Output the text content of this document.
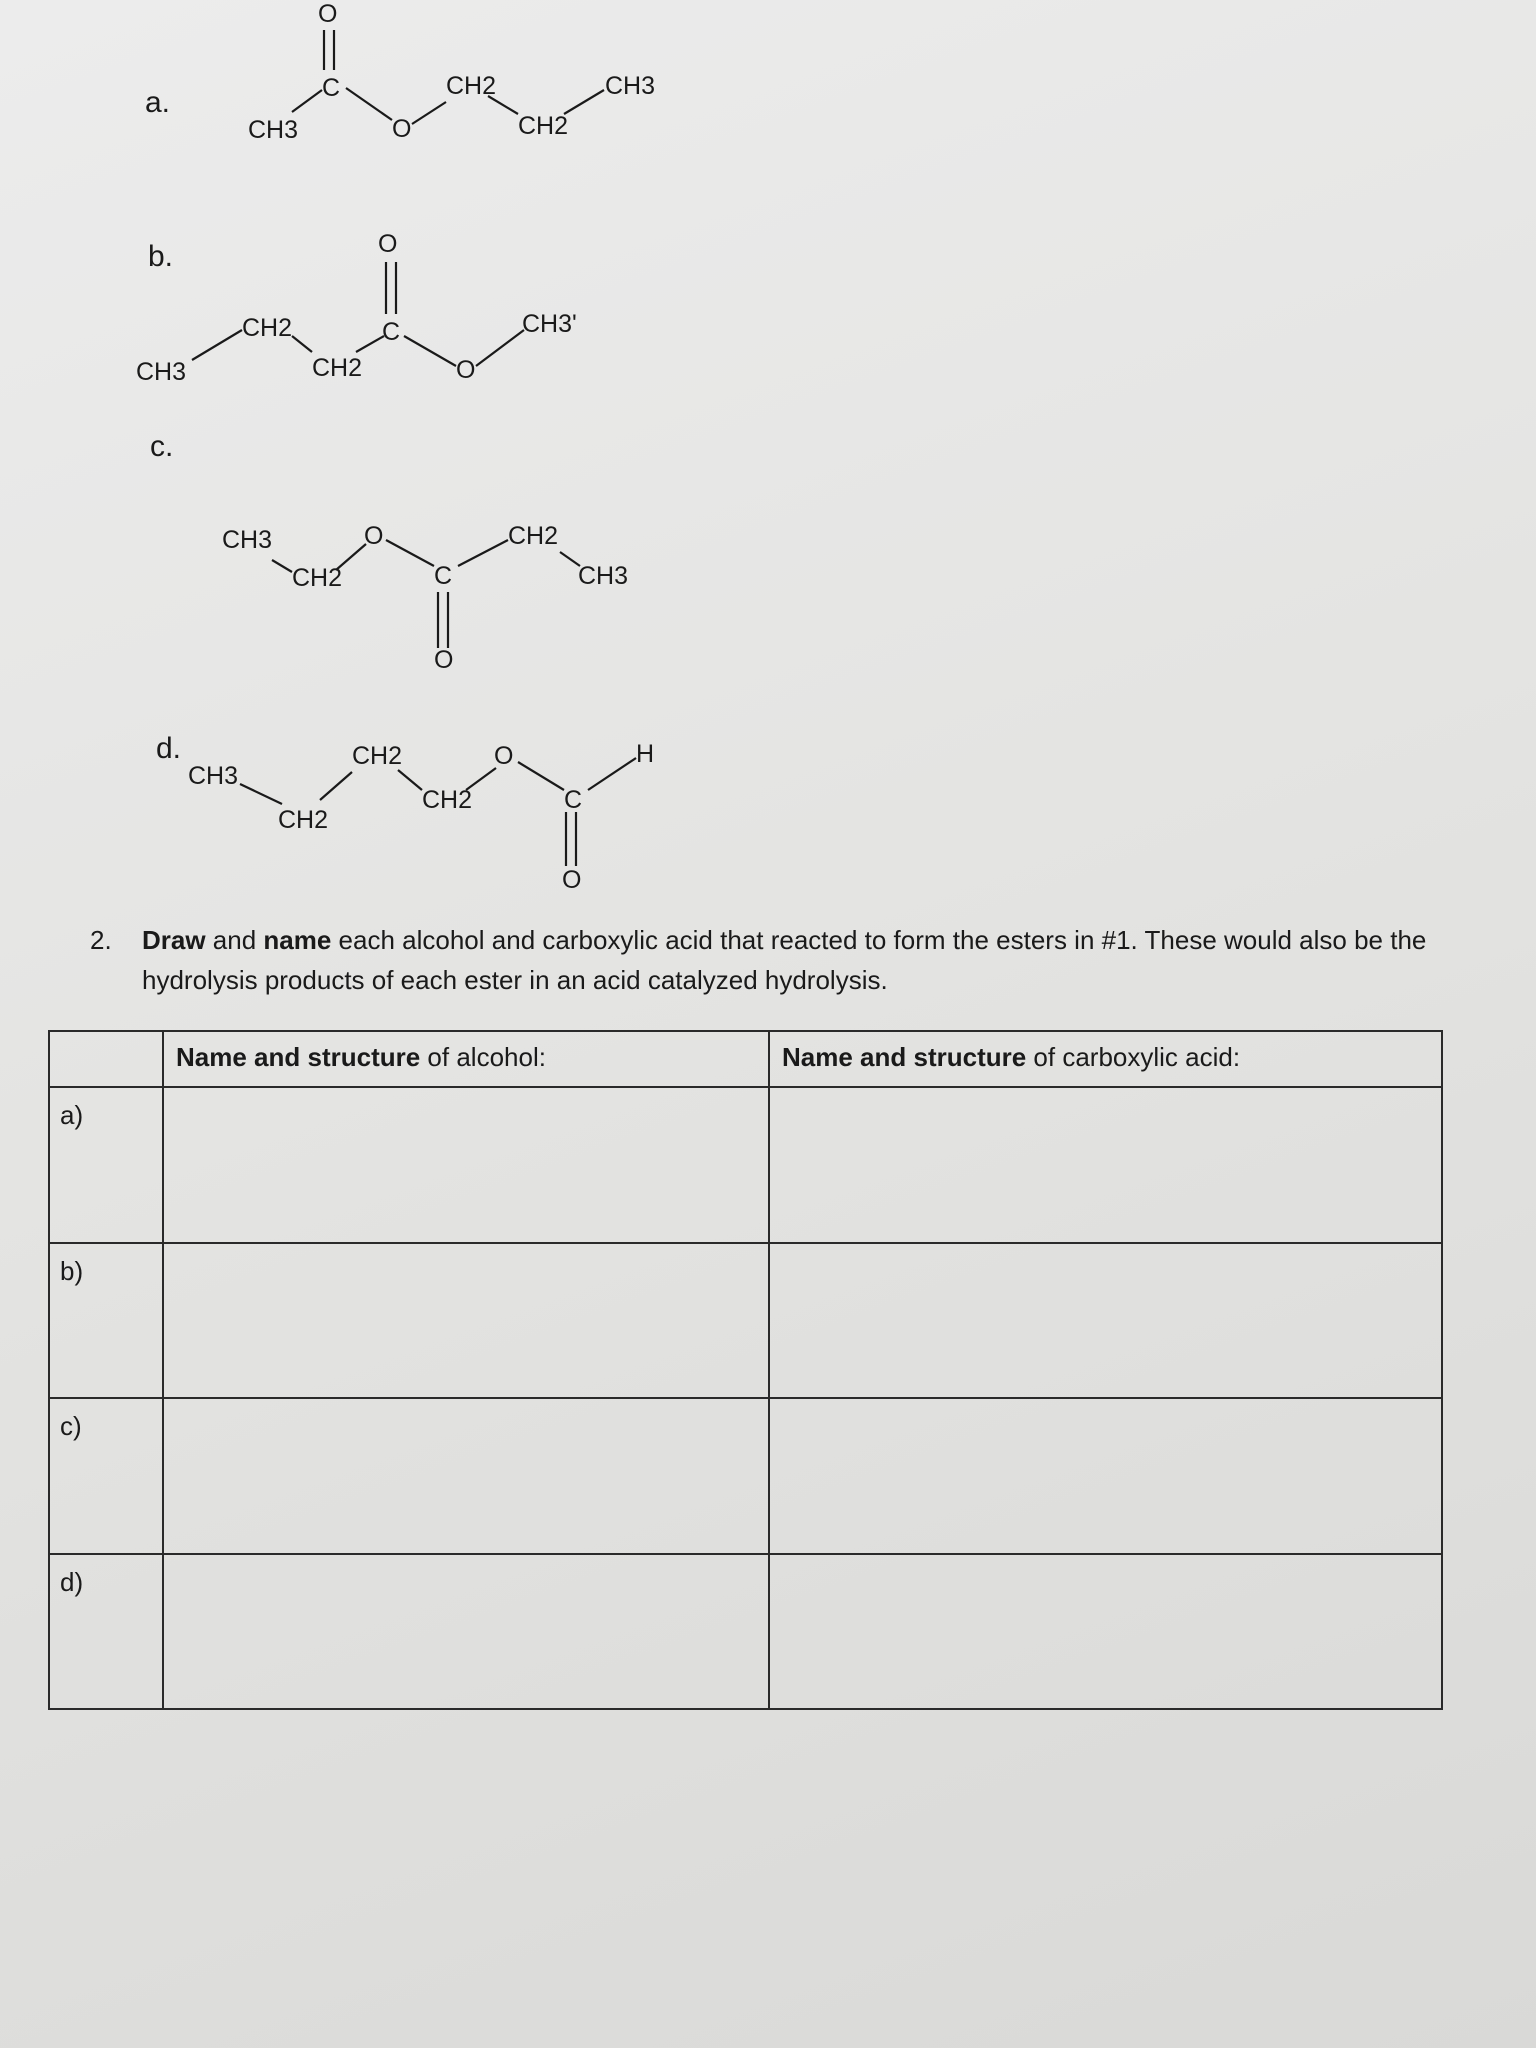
a.
CH3
C
O
O
CH2
CH2
CH3
b.
CH3
CH2
CH2
C
O
O
CH3'
c.
CH3
CH2
O
C
O
CH2
CH3
d.
CH3
CH2
CH2
CH2
O
C
O
H
2. Draw and name each alcohol and carboxylic acid that reacted to form the esters in #1. These would also be the hydrolysis products of each ester in an acid catalyzed hydrolysis.
	Name and structure of alcohol:	Name and structure of carboxylic acid:
a)		
b)		
c)		
d)		
